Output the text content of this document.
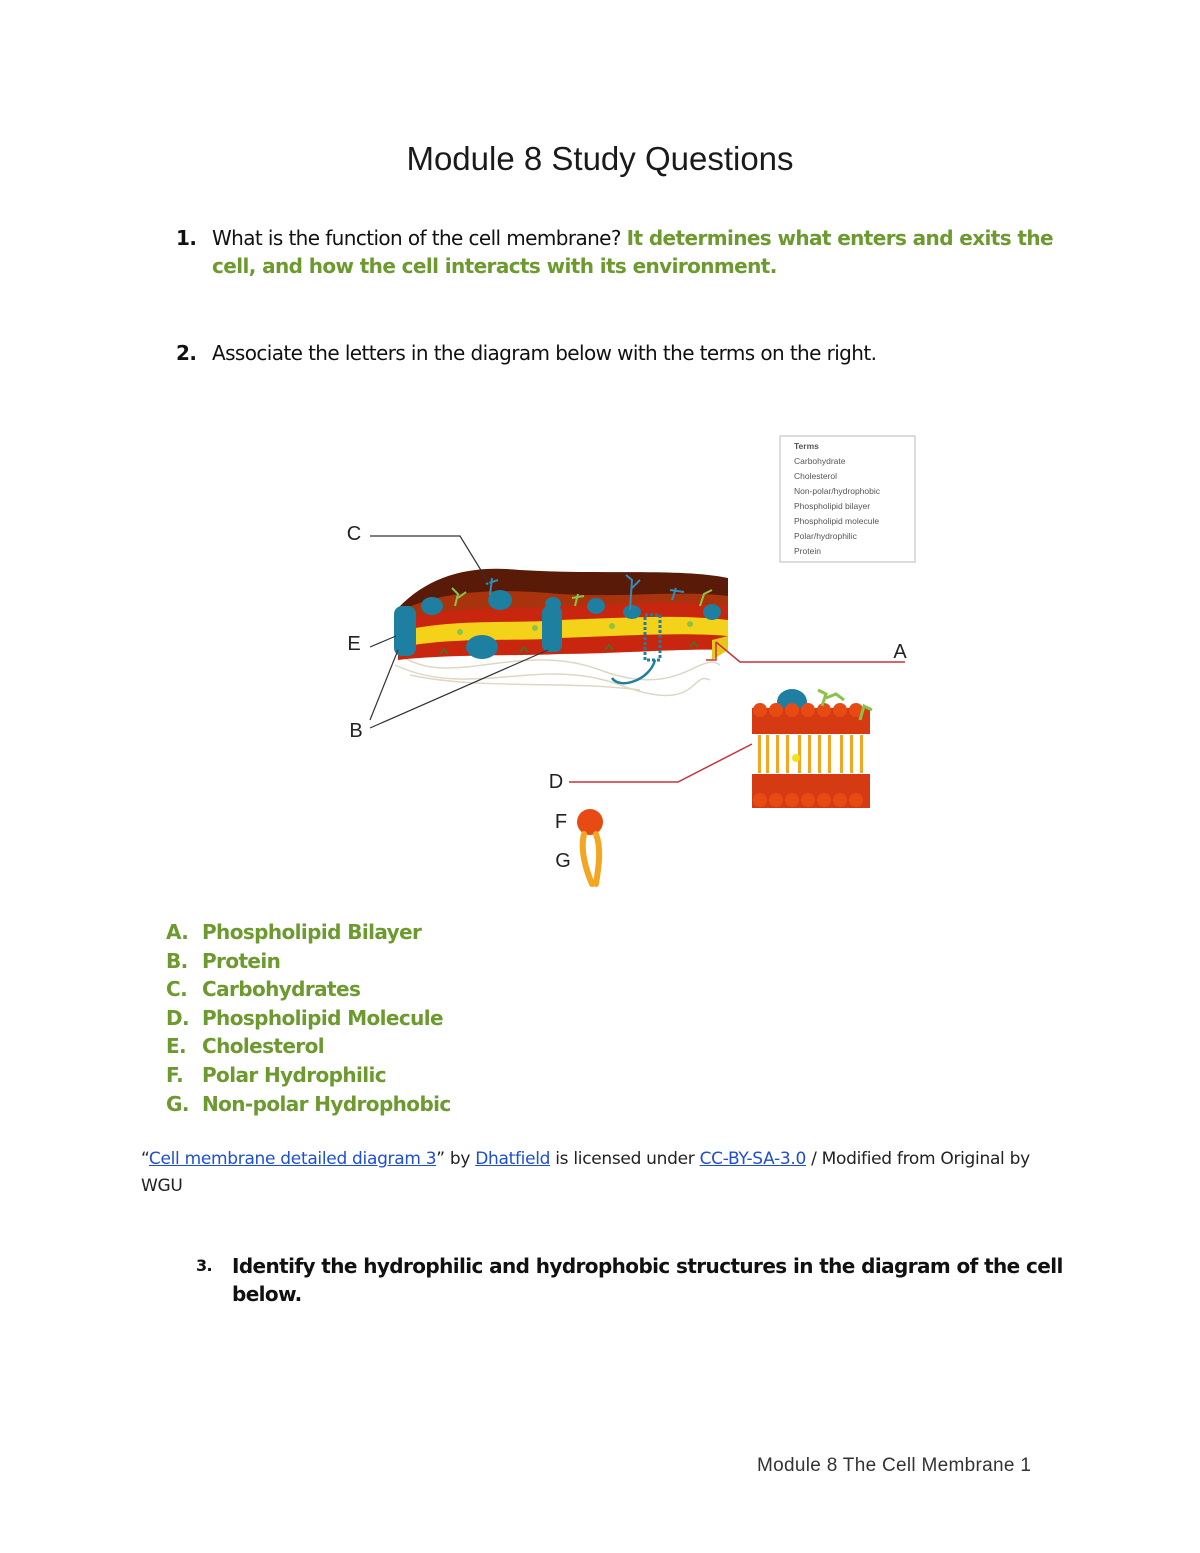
Module 8 Study Questions
1. What is the function of the cell membrane? It determines what enters and exits the cell, and how the cell interacts with its environment.
2. Associate the letters in the diagram below with the terms on the right.
Terms
Carbohydrate
Cholesterol
Non-polar/hydrophobic
Phospholipid bilayer
Phospholipid molecule
Polar/hydrophilic
Protein
C
E
B
A
D
F
G
A. Phospholipid Bilayer
B. Protein
C. Carbohydrates
D. Phospholipid Molecule
E. Cholesterol
F. Polar Hydrophilic
G. Non-polar Hydrophobic
“Cell membrane detailed diagram 3” by Dhatfield is licensed under CC-BY-SA-3.0 / Modified from Original by WGU
3. Identify the hydrophilic and hydrophobic structures in the diagram of the cell below.
Module 8 The Cell Membrane 1
